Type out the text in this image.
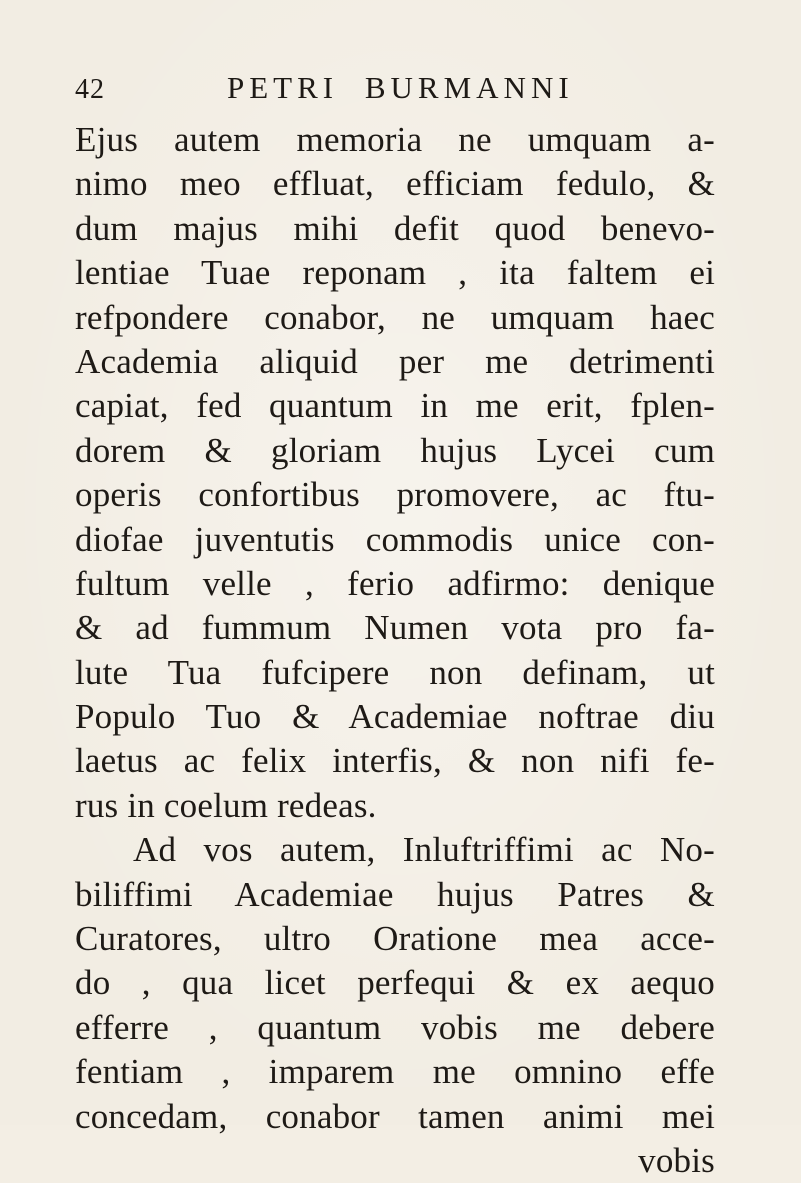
42	PETRI BURMANNI
Ejus autem memoria ne umquam a-
nimo meo effluat, efficiam fedulo, &
dum majus mihi defit quod benevo-
lentiae Tuae reponam , ita faltem ei
refpondere conabor, ne umquam haec
Academia aliquid per me detrimenti
capiat, fed quantum in me erit, fplen-
dorem & gloriam hujus Lycei cum
operis confortibus promovere, ac ftu-
diofae juventutis commodis unice con-
fultum velle , ferio adfirmo: denique
& ad fummum Numen vota pro fa-
lute Tua fufcipere non definam, ut
Populo Tuo & Academiae noftrae diu
laetus ac felix interfis, & non nifi fe-
rus in coelum redeas.
Ad vos autem, Inluftriffimi ac No-
biliffimi Academiae hujus Patres &
Curatores, ultro Oratione mea acce-
do , qua licet perfequi & ex aequo
efferre , quantum vobis me debere
fentiam , imparem me omnino effe
concedam, conabor tamen animi mei
vobis
